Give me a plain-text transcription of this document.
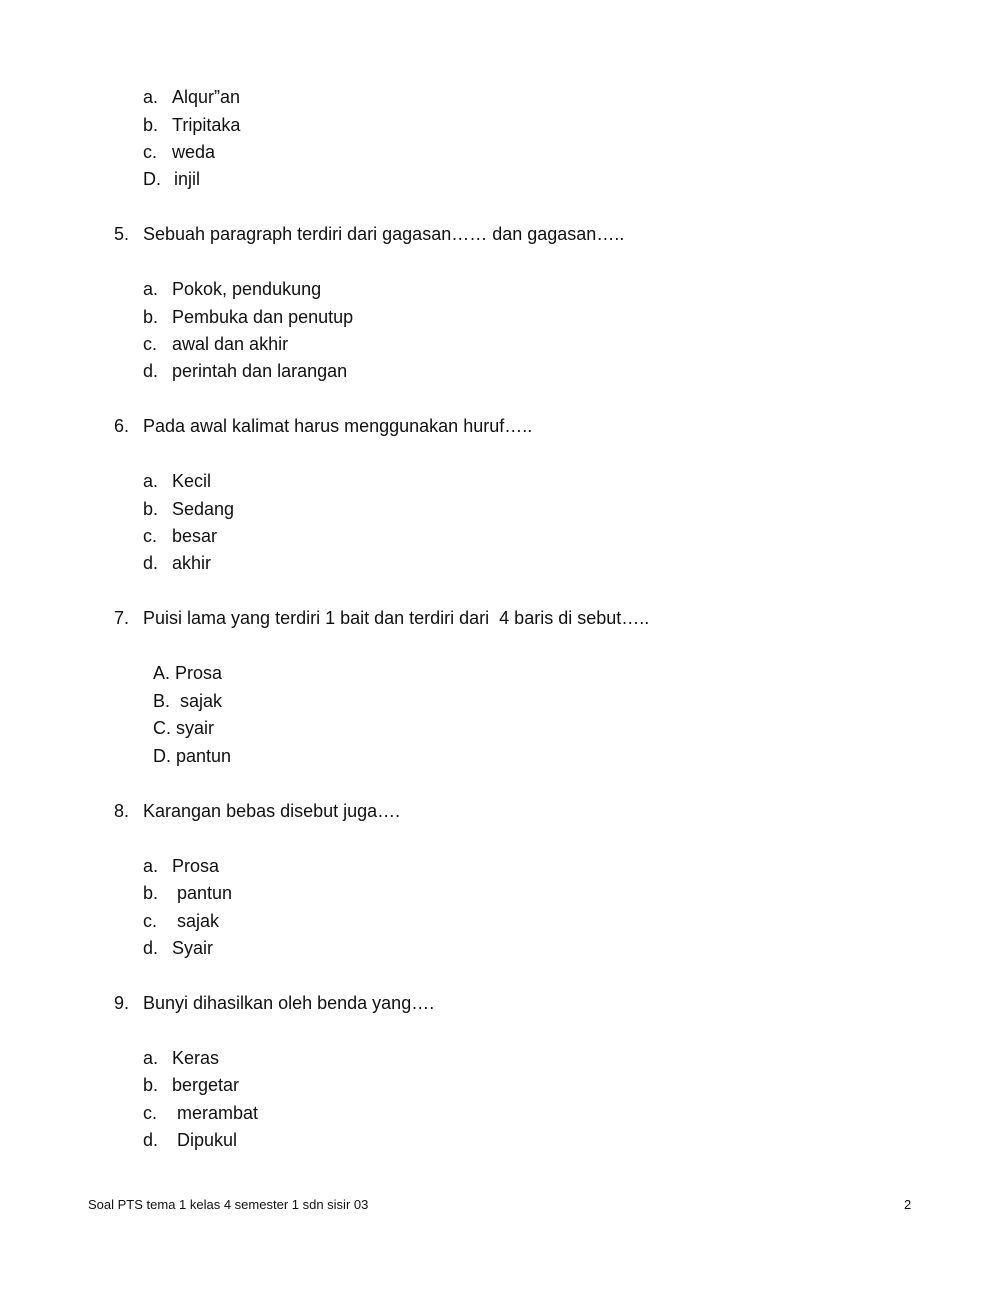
a. Alqur”an
b. Tripitaka
c. weda
D. injil
5. Sebuah paragraph terdiri dari gagasan…… dan gagasan…..
a. Pokok, pendukung
b. Pembuka dan penutup
c. awal dan akhir
d. perintah dan larangan
6. Pada awal kalimat harus menggunakan huruf…..
a. Kecil
b. Sedang
c. besar
d. akhir
7. Puisi lama yang terdiri 1 bait dan terdiri dari  4 baris di sebut…..
A. Prosa
B.  sajak
C. syair
D. pantun
8. Karangan bebas disebut juga….
a. Prosa
b. pantun
c. sajak
d. Syair
9. Bunyi dihasilkan oleh benda yang….
a. Keras
b. bergetar
c. merambat
d. Dipukul
Soal PTS tema 1 kelas 4 semester 1 sdn sisir 03	2
